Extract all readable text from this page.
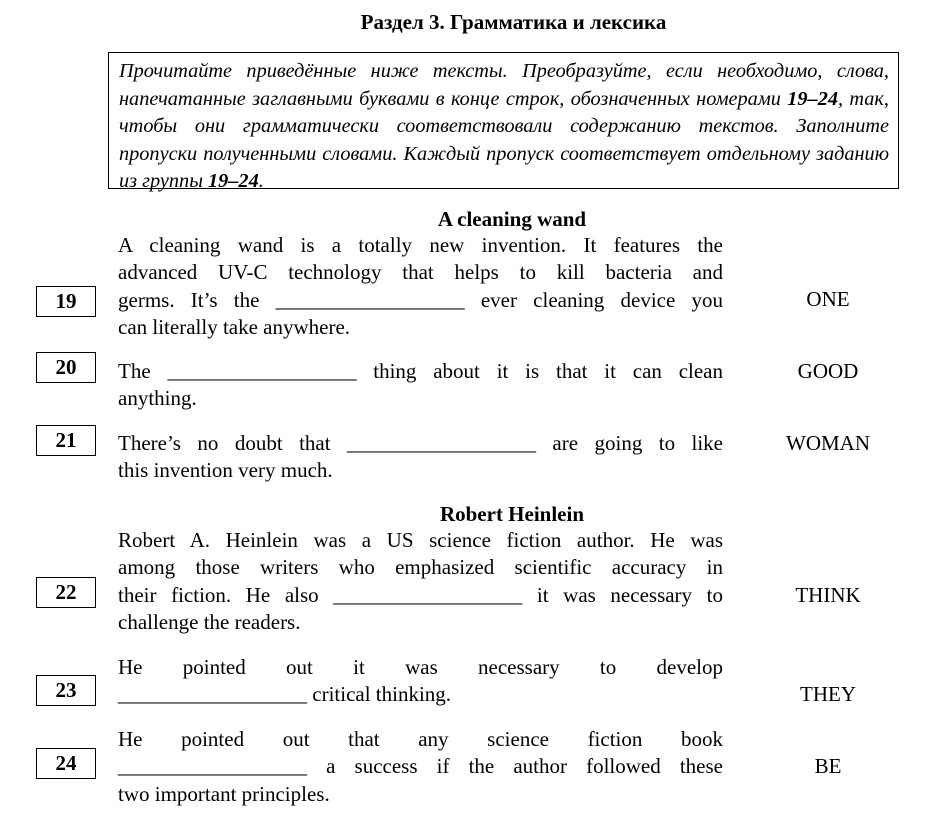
Раздел 3. Грамматика и лексика
Прочитайте приведённые ниже тексты. Преобразуйте, если необходимо, слова, напечатанные заглавными буквами в конце строк, обозначенных номерами 19–24, так, чтобы они грамматически соответствовали содержанию текстов. Заполните пропуски полученными словами. Каждый пропуск соответствует отдельному заданию из группы 19–24.
A cleaning wand
19
A cleaning wand is a totally new invention. It features the
advanced UV-C technology that helps to kill bacteria and
germs. It’s the __________________ ever cleaning device you
can literally take anywhere.
ONE
20	The __________________ thing about it is that it can clean
anything.
GOOD
21	There’s no doubt that __________________ are going to like
this invention very much.
WOMAN
Robert Heinlein
22
Robert A. Heinlein was a US science fiction author. He was
among those writers who emphasized scientific accuracy in
their fiction. He also __________________ it was necessary to
challenge the readers.
THINK
23
He pointed out it was necessary to develop
__________________ critical thinking.	THEY
24
He pointed out that any science fiction book
__________________ a success if the author followed these
two important principles.
BE
